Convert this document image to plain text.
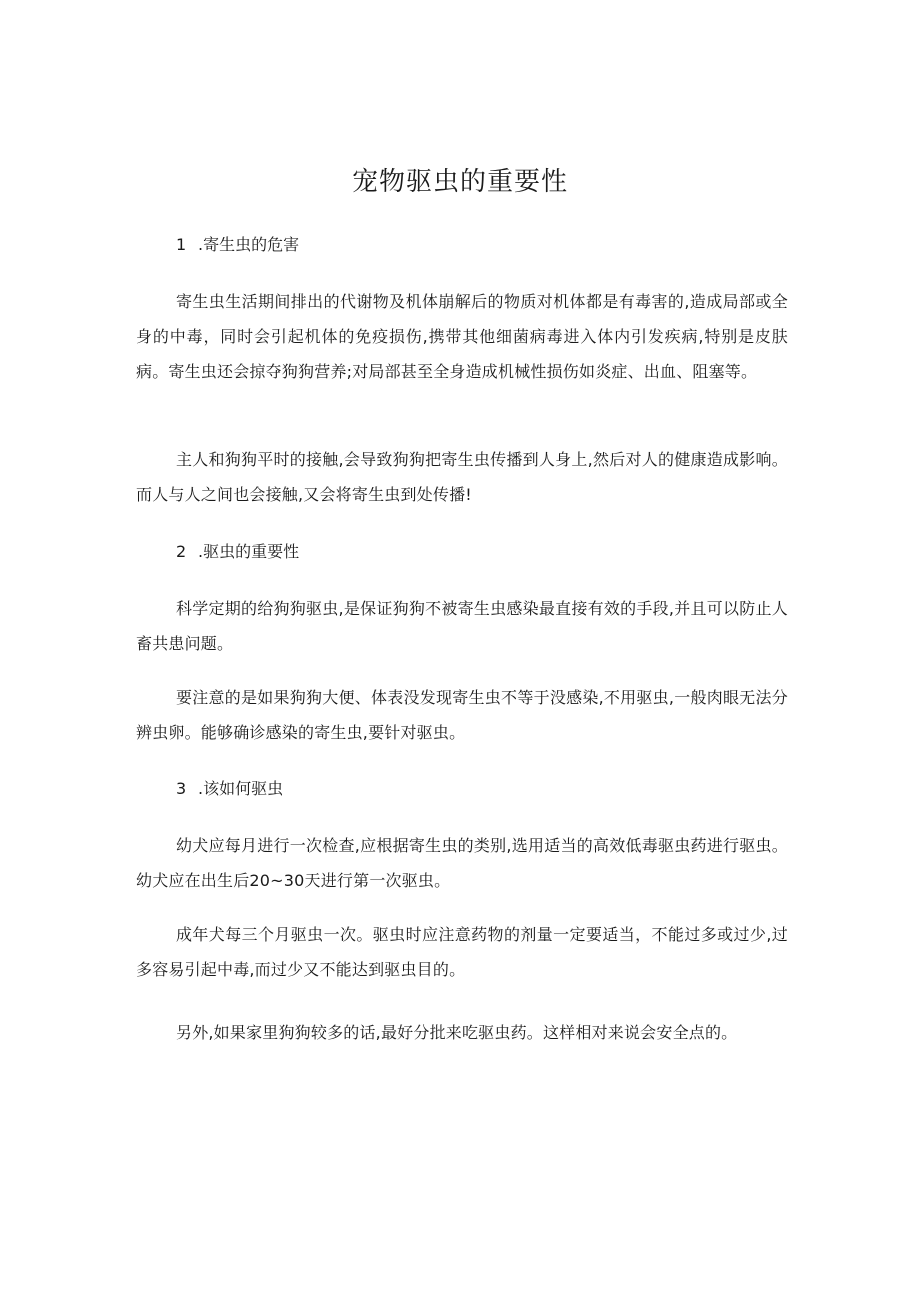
宠物驱虫的重要性
1 .寄生虫的危害

寄生虫生活期间排出的代谢物及机体崩解后的物质对机体都是有毒害的,造成局部或全身的中毒，同时会引起机体的免疫损伤,携带其他细菌病毒进入体内引发疾病,特别是皮肤病。寄生虫还会掠夺狗狗营养;对局部甚至全身造成机械性损伤如炎症、出血、阻塞等。

主人和狗狗平时的接触,会导致狗狗把寄生虫传播到人身上,然后对人的健康造成影响。而人与人之间也会接触,又会将寄生虫到处传播!

2 .驱虫的重要性

科学定期的给狗狗驱虫,是保证狗狗不被寄生虫感染最直接有效的手段,并且可以防止人畜共患问题。

要注意的是如果狗狗大便、体表没发现寄生虫不等于没感染,不用驱虫,一般肉眼无法分辨虫卵。能够确诊感染的寄生虫,要针对驱虫。

3 .该如何驱虫

幼犬应每月进行一次检查,应根据寄生虫的类别,选用适当的高效低毒驱虫药进行驱虫。幼犬应在出生后20~30天进行第一次驱虫。

成年犬每三个月驱虫一次。驱虫时应注意药物的剂量一定要适当，不能过多或过少,过多容易引起中毒,而过少又不能达到驱虫目的。

另外,如果家里狗狗较多的话,最好分批来吃驱虫药。这样相对来说会安全点的。
